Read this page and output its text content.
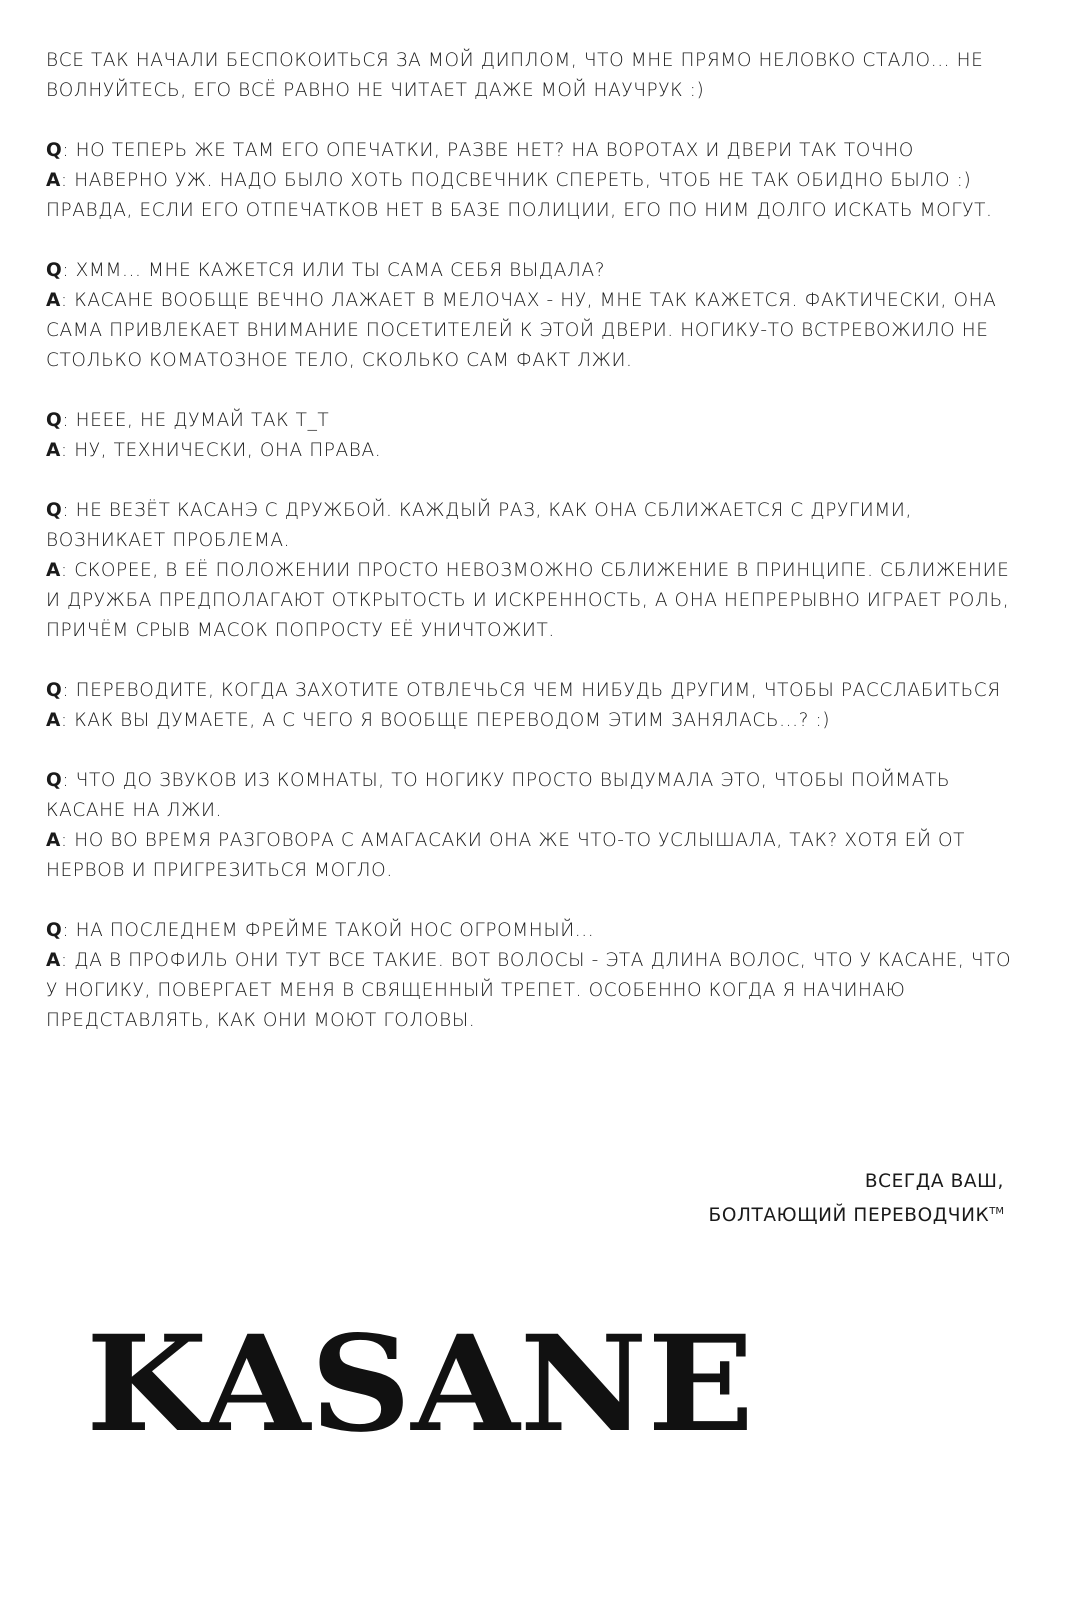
ВСЕ ТАК НАЧАЛИ БЕСПОКОИТЬСЯ ЗА МОЙ ДИПЛОМ, ЧТО МНЕ ПРЯМО НЕЛОВКО СТАЛО... НЕ ВОЛНУЙТЕСЬ, ЕГО ВСЁ РАВНО НЕ ЧИТАЕТ ДАЖЕ МОЙ НАУЧРУК :)

Q: НО ТЕПЕРЬ ЖЕ ТАМ ЕГО ОПЕЧАТКИ, РАЗВЕ НЕТ? НА ВОРОТАХ И ДВЕРИ ТАК ТОЧНО

A: НАВЕРНО УЖ. НАДО БЫЛО ХОТЬ ПОДСВЕЧНИК СПЕРЕТЬ, ЧТОБ НЕ ТАК ОБИДНО БЫЛО :) ПРАВДА, ЕСЛИ ЕГО ОТПЕЧАТКОВ НЕТ В БАЗЕ ПОЛИЦИИ, ЕГО ПО НИМ ДОЛГО ИСКАТЬ МОГУТ.

Q: ХММ... МНЕ КАЖЕТСЯ ИЛИ ТЫ САМА СЕБЯ ВЫДАЛА?

A: КАСАНЕ ВООБЩЕ ВЕЧНО ЛАЖАЕТ В МЕЛОЧАХ - НУ, МНЕ ТАК КАЖЕТСЯ. ФАКТИЧЕСКИ, ОНА САМА ПРИВЛЕКАЕТ ВНИМАНИЕ ПОСЕТИТЕЛЕЙ К ЭТОЙ ДВЕРИ. НОГИКУ-ТО ВСТРЕВОЖИЛО НЕ СТОЛЬКО КОМАТОЗНОЕ ТЕЛО, СКОЛЬКО САМ ФАКТ ЛЖИ.

Q: НЕЕЕ, НЕ ДУМАЙ ТАК Т_Т

A: НУ, ТЕХНИЧЕСКИ, ОНА ПРАВА.

Q: НЕ ВЕЗЁТ КАСАНЭ С ДРУЖБОЙ. КАЖДЫЙ РАЗ, КАК ОНА СБЛИЖАЕТСЯ С ДРУГИМИ, ВОЗНИКАЕТ ПРОБЛЕМА.

A: СКОРЕЕ, В ЕЁ ПОЛОЖЕНИИ ПРОСТО НЕВОЗМОЖНО СБЛИЖЕНИЕ В ПРИНЦИПЕ. СБЛИЖЕНИЕ И ДРУЖБА ПРЕДПОЛАГАЮТ ОТКРЫТОСТЬ И ИСКРЕННОСТЬ, А ОНА НЕПРЕРЫВНО ИГРАЕТ РОЛЬ, ПРИЧЁМ СРЫВ МАСОК ПОПРОСТУ ЕЁ УНИЧТОЖИТ.

Q: ПЕРЕВОДИТЕ, КОГДА ЗАХОТИТЕ ОТВЛЕЧЬСЯ ЧЕМ НИБУДЬ ДРУГИМ, ЧТОБЫ РАССЛАБИТЬСЯ

A: КАК ВЫ ДУМАЕТЕ, А С ЧЕГО Я ВООБЩЕ ПЕРЕВОДОМ ЭТИМ ЗАНЯЛАСЬ...? :)

Q: ЧТО ДО ЗВУКОВ ИЗ КОМНАТЫ, ТО НОГИКУ ПРОСТО ВЫДУМАЛА ЭТО, ЧТОБЫ ПОЙМАТЬ КАСАНЕ НА ЛЖИ.

A: НО ВО ВРЕМЯ РАЗГОВОРА С АМАГАСАКИ ОНА ЖЕ ЧТО-ТО УСЛЫШАЛА, ТАК? ХОТЯ ЕЙ ОТ НЕРВОВ И ПРИГРЕЗИТЬСЯ МОГЛО.

Q: НА ПОСЛЕДНЕМ ФРЕЙМЕ ТАКОЙ НОС ОГРОМНЫЙ...

A: ДА В ПРОФИЛЬ ОНИ ТУТ ВСЕ ТАКИЕ. ВОТ ВОЛОСЫ - ЭТА ДЛИНА ВОЛОС, ЧТО У КАСАНЕ, ЧТО У НОГИКУ, ПОВЕРГАЕТ МЕНЯ В СВЯЩЕННЫЙ ТРЕПЕТ. ОСОБЕННО КОГДА Я НАЧИНАЮ ПРЕДСТАВЛЯТЬ, КАК ОНИ МОЮТ ГОЛОВЫ.

ВСЕГДА ВАШ,
БОЛТАЮЩИЙ ПЕРЕВОДЧИК™
KASANE
